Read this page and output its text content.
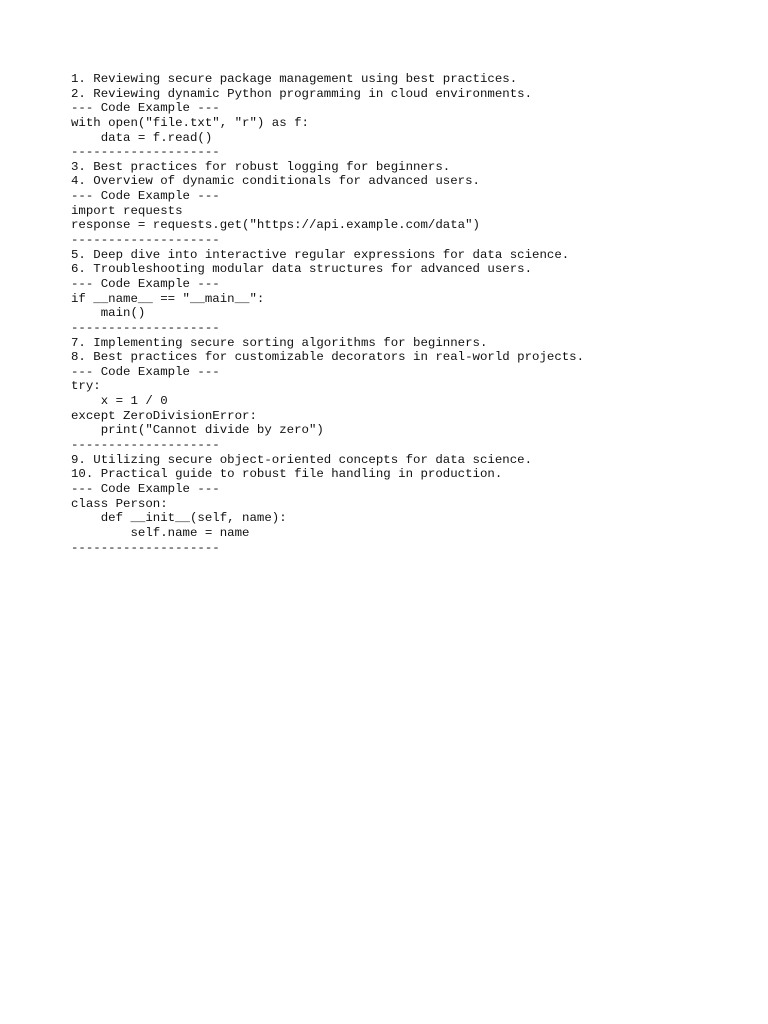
1. Reviewing secure package management using best practices.
2. Reviewing dynamic Python programming in cloud environments.
--- Code Example ---
with open("file.txt", "r") as f:
data = f.read()
--------------------
3. Best practices for robust logging for beginners.
4. Overview of dynamic conditionals for advanced users.
--- Code Example ---
import requests
response = requests.get("https://api.example.com/data")
--------------------
5. Deep dive into interactive regular expressions for data science.
6. Troubleshooting modular data structures for advanced users.
--- Code Example ---
if __name__ == "__main__":
main()
--------------------
7. Implementing secure sorting algorithms for beginners.
8. Best practices for customizable decorators in real-world projects.
--- Code Example ---
try:
x = 1 / 0
except ZeroDivisionError:
print("Cannot divide by zero")
--------------------
9. Utilizing secure object-oriented concepts for data science.
10. Practical guide to robust file handling in production.
--- Code Example ---
class Person:
def __init__(self, name):
self.name = name
--------------------
